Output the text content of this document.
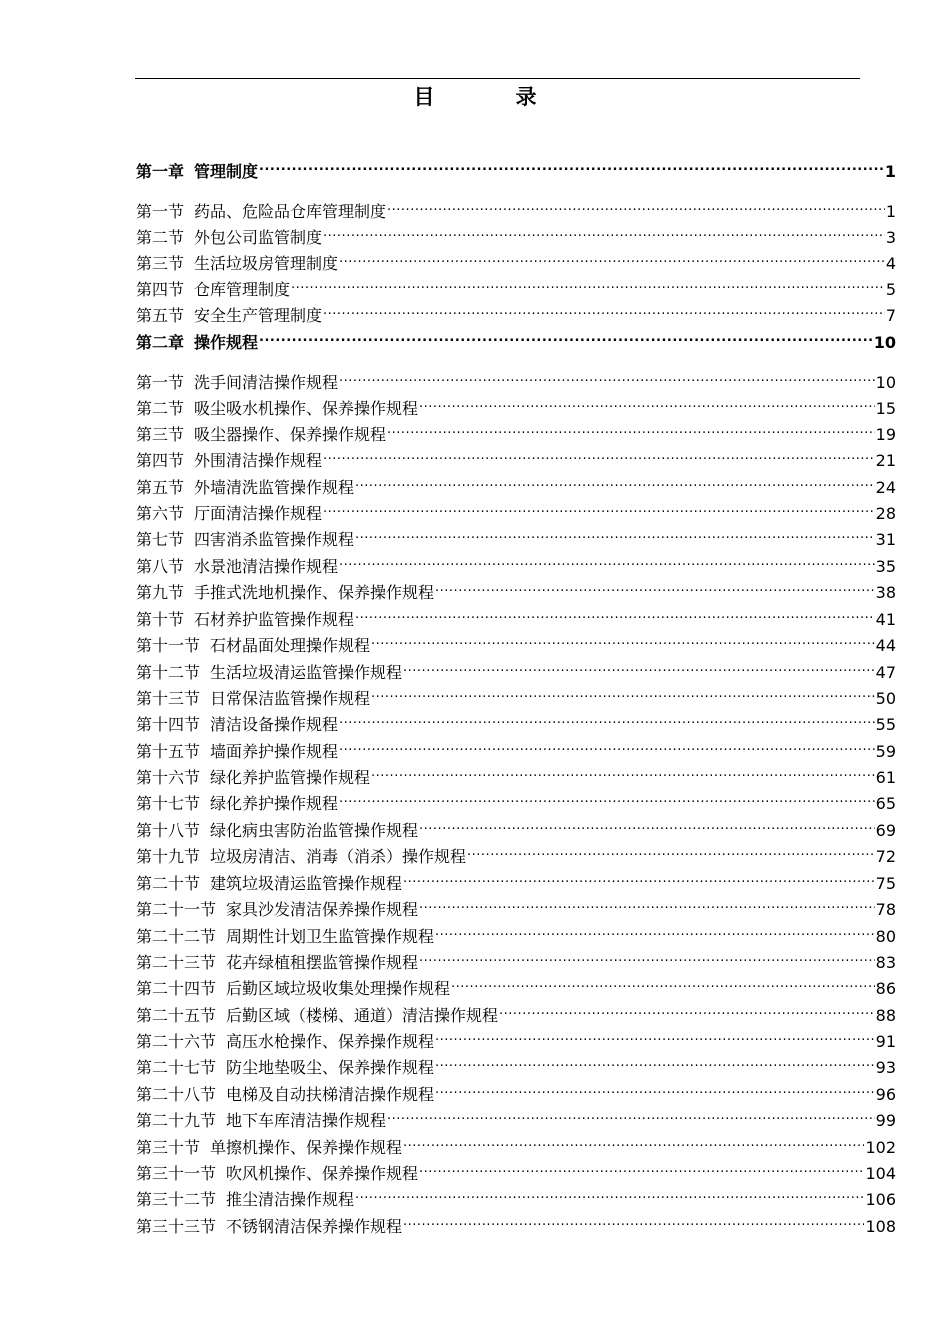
目　录
第一章 管理制度 .....	1
第一节 药品、危险品仓库管理制度 .....	1
第二节 外包公司监管制度 .....	3
第三节 生活垃圾房管理制度 .....	4
第四节 仓库管理制度 .....	5
第五节 安全生产管理制度 .....	7
第二章 操作规程 .....	10
第一节 洗手间清洁操作规程 .....	10
第二节 吸尘吸水机操作、保养操作规程 .....	15
第三节 吸尘器操作、保养操作规程 .....	19
第四节 外围清洁操作规程 .....	21
第五节 外墙清洗监管操作规程 .....	24
第六节 厅面清洁操作规程 .....	28
第七节 四害消杀监管操作规程 .....	31
第八节 水景池清洁操作规程 .....	35
第九节 手推式洗地机操作、保养操作规程 .....	38
第十节 石材养护监管操作规程 .....	41
第十一节 石材晶面处理操作规程 .....	44
第十二节 生活垃圾清运监管操作规程 .....	47
第十三节 日常保洁监管操作规程 .....	50
第十四节 清洁设备操作规程 .....	55
第十五节 墙面养护操作规程 .....	59
第十六节 绿化养护监管操作规程 .....	61
第十七节 绿化养护操作规程 .....	65
第十八节 绿化病虫害防治监管操作规程 .....	69
第十九节 垃圾房清洁、消毒（消杀）操作规程 .....	72
第二十节 建筑垃圾清运监管操作规程 .....	75
第二十一节 家具沙发清洁保养操作规程 .....	78
第二十二节 周期性计划卫生监管操作规程 .....	80
第二十三节 花卉绿植租摆监管操作规程 .....	83
第二十四节 后勤区域垃圾收集处理操作规程 .....	86
第二十五节 后勤区域（楼梯、通道）清洁操作规程 .....	88
第二十六节 高压水枪操作、保养操作规程 .....	91
第二十七节 防尘地垫吸尘、保养操作规程 .....	93
第二十八节 电梯及自动扶梯清洁操作规程 .....	96
第二十九节 地下车库清洁操作规程 .....	99
第三十节 单擦机操作、保养操作规程 .....	102
第三十一节 吹风机操作、保养操作规程 .....	104
第三十二节 推尘清洁操作规程 .....	106
第三十三节 不锈钢清洁保养操作规程 .....	108
